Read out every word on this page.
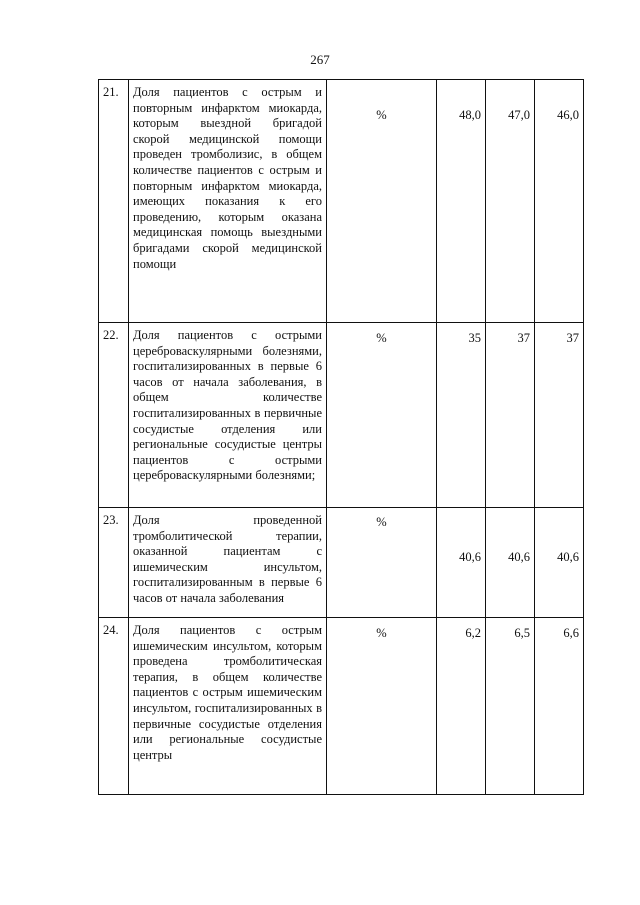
267
21.	Доля пациентов с острым и повторным инфарктом миокарда, которым выездной бригадой скорой медицинской помощи проведен тромболизис, в общем количестве пациентов с острым и повторным инфарктом миокарда, имеющих показания к его проведению, которым оказана медицинская помощь выездными бригадами скорой медицинской помощи	%	48,0	47,0	46,0
22.	Доля пациентов с острыми цереброваскулярными болезнями, госпитализированных в первые 6 часов от начала заболевания, в общем количестве госпитализированных в первичные сосудистые отделения или региональные сосудистые центры пациентов с острыми цереброваскулярными болезнями;	%	35	37	37
23.	Доля проведенной тромболитической терапии, оказанной пациентам с ишемическим инсультом, госпитализированным в первые 6 часов от начала заболевания	%	40,6	40,6	40,6
24.	Доля пациентов с острым ишемическим инсультом, которым проведена тромболитическая терапия, в общем количестве пациентов с острым ишемическим инсультом, госпитализированных в первичные сосудистые отделения или региональные сосудистые центры	%	6,2	6,5	6,6
